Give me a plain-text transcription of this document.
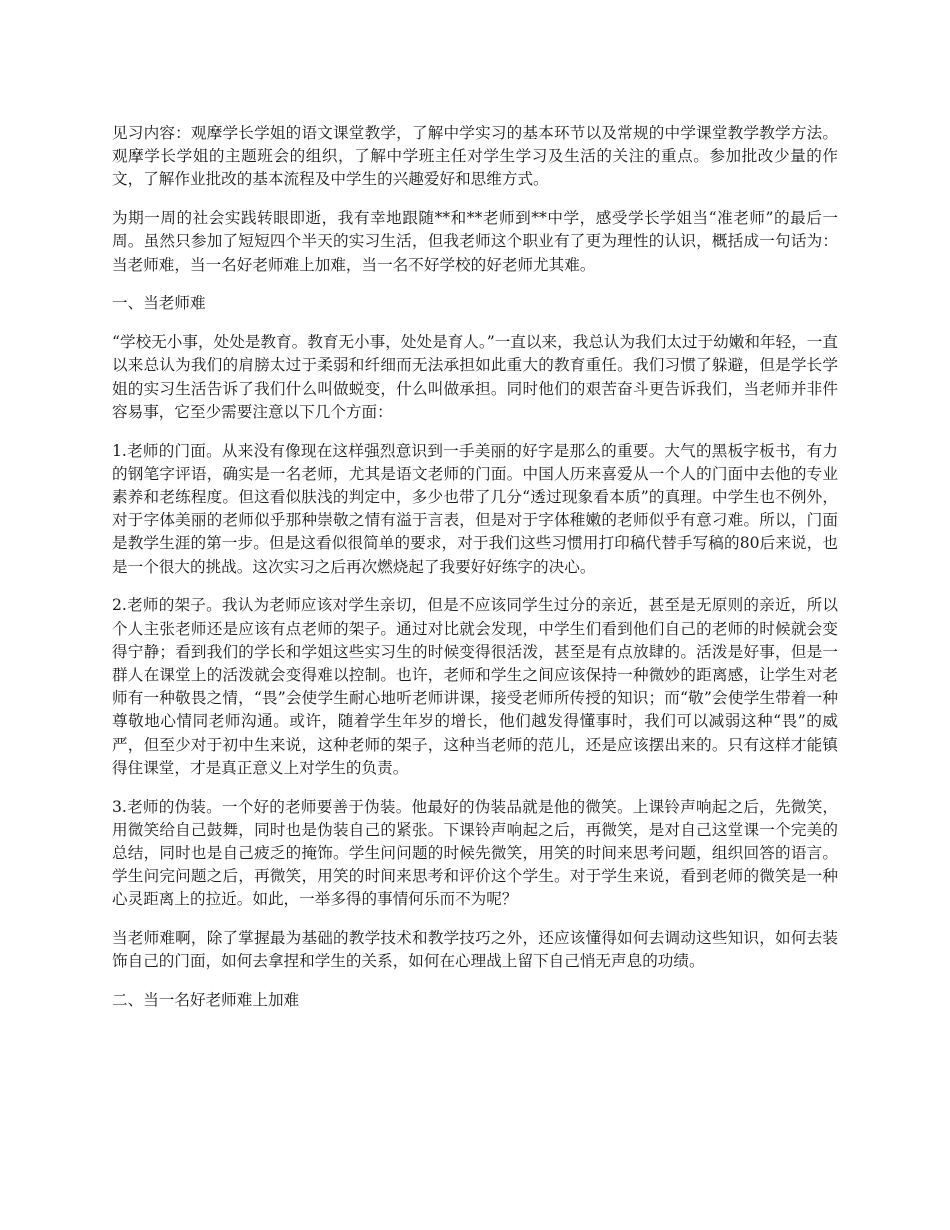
见习内容：观摩学长学姐的语文课堂教学，了解中学实习的基本环节以及常规的中学课堂教学教学方法。观摩学长学姐的主题班会的组织，了解中学班主任对学生学习及生活的关注的重点。参加批改少量的作文，了解作业批改的基本流程及中学生的兴趣爱好和思维方式。

为期一周的社会实践转眼即逝，我有幸地跟随**和**老师到**中学，感受学长学姐当“准老师”的最后一周。虽然只参加了短短四个半天的实习生活，但我老师这个职业有了更为理性的认识，概括成一句话为：当老师难，当一名好老师难上加难，当一名不好学校的好老师尤其难。

一、当老师难

“学校无小事，处处是教育。教育无小事，处处是育人。”一直以来，我总认为我们太过于幼嫩和年轻，一直以来总认为我们的肩膀太过于柔弱和纤细而无法承担如此重大的教育重任。我们习惯了躲避，但是学长学姐的实习生活告诉了我们什么叫做蜕变，什么叫做承担。同时他们的艰苦奋斗更告诉我们，当老师并非件容易事，它至少需要注意以下几个方面：

1.老师的门面。从来没有像现在这样强烈意识到一手美丽的好字是那么的重要。大气的黑板字板书，有力的钢笔字评语，确实是一名老师，尤其是语文老师的门面。中国人历来喜爱从一个人的门面中去他的专业素养和老练程度。但这看似肤浅的判定中，多少也带了几分“透过现象看本质”的真理。中学生也不例外，对于字体美丽的老师似乎那种崇敬之情有溢于言表，但是对于字体稚嫩的老师似乎有意刁难。所以，门面是教学生涯的第一步。但是这看似很简单的要求，对于我们这些习惯用打印稿代替手写稿的80后来说，也是一个很大的挑战。这次实习之后再次燃烧起了我要好好练字的决心。

2.老师的架子。我认为老师应该对学生亲切，但是不应该同学生过分的亲近，甚至是无原则的亲近，所以个人主张老师还是应该有点老师的架子。通过对比就会发现，中学生们看到他们自己的老师的时候就会变得宁静；看到我们的学长和学姐这些实习生的时候变得很活泼，甚至是有点放肆的。活泼是好事，但是一群人在课堂上的活泼就会变得难以控制。也许，老师和学生之间应该保持一种微妙的距离感，让学生对老师有一种敬畏之情，“畏”会使学生耐心地听老师讲课，接受老师所传授的知识；而“敬”会使学生带着一种尊敬地心情同老师沟通。或许，随着学生年岁的增长，他们越发得懂事时，我们可以减弱这种“畏”的威严，但至少对于初中生来说，这种老师的架子，这种当老师的范儿，还是应该摆出来的。只有这样才能镇得住课堂，才是真正意义上对学生的负责。

3.老师的伪装。一个好的老师要善于伪装。他最好的伪装品就是他的微笑。上课铃声响起之后，先微笑，用微笑给自己鼓舞，同时也是伪装自己的紧张。下课铃声响起之后，再微笑，是对自己这堂课一个完美的总结，同时也是自己疲乏的掩饰。学生问问题的时候先微笑，用笑的时间来思考问题，组织回答的语言。学生问完问题之后，再微笑，用笑的时间来思考和评价这个学生。对于学生来说，看到老师的微笑是一种心灵距离上的拉近。如此，一举多得的事情何乐而不为呢？

当老师难啊，除了掌握最为基础的教学技术和教学技巧之外，还应该懂得如何去调动这些知识，如何去装饰自己的门面，如何去拿捏和学生的关系，如何在心理战上留下自己悄无声息的功绩。

二、当一名好老师难上加难
